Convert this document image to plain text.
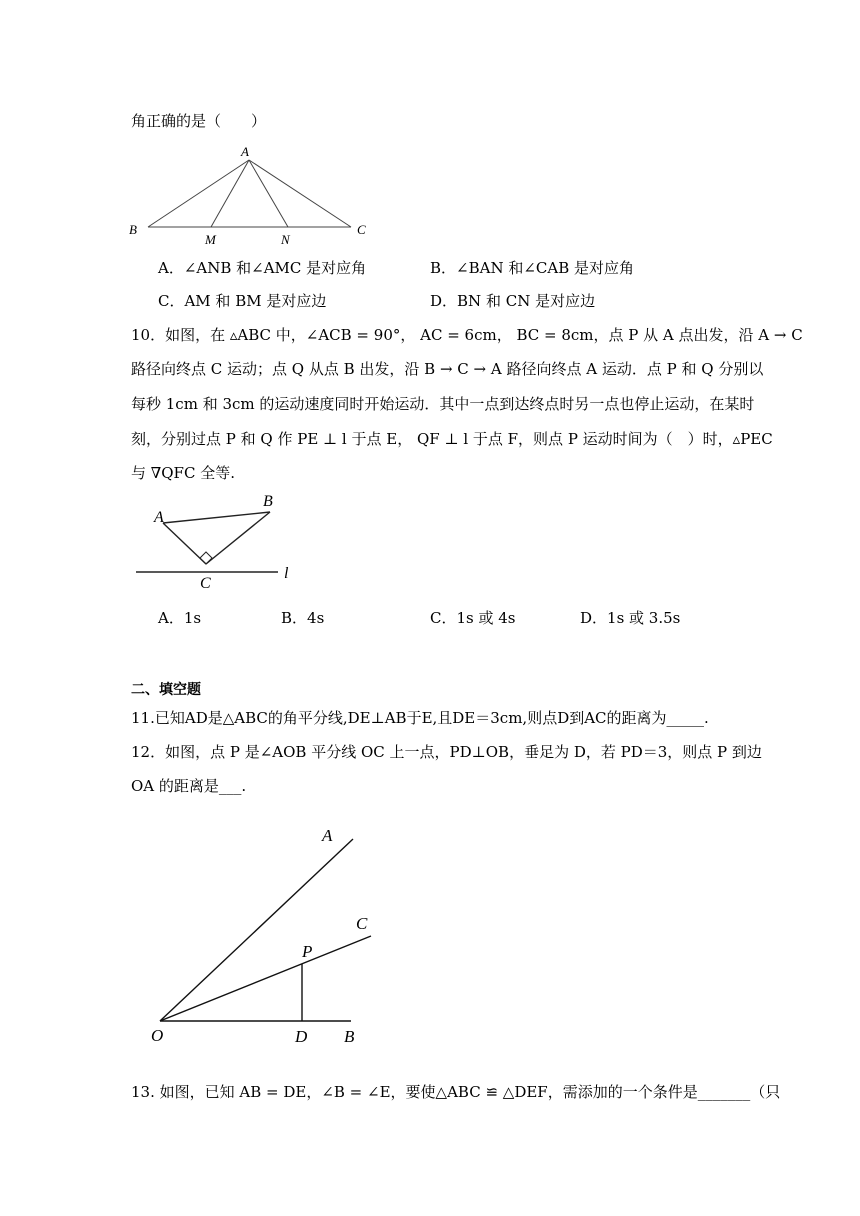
角正确的是（　　）
A
B
M	N
C
A．∠ANB 和∠AMC 是对应角	B．∠BAN 和∠CAB 是对应角
C．AM 和 BM 是对应边	D．BN 和 CN 是对应边
10．如图，在 ▵ABC 中，∠ACB = 90°， AC = 6cm， BC = 8cm，点 P 从 A 点出发，沿 A → C
路径向终点 C 运动；点 Q 从点 B 出发，沿 B → C → A 路径向终点 A 运动．点 P 和 Q 分别以
每秒 1cm 和 3cm 的运动速度同时开始运动．其中一点到达终点时另一点也停止运动，在某时
刻，分别过点 P 和 Q 作 PE ⊥ l 于点 E， QF ⊥ l 于点 F，则点 P 运动时间为（　）时，▵PEC
与 ∇QFC 全等.
A
B
C
l
A．1s	B．4s	C．1s 或 4s	D．1s 或 3.5s
二、填空题
11.已知AD是△ABC的角平分线,DE⊥AB于E,且DE＝3cm,则点D到AC的距离为_____.
12．如图，点 P 是∠AOB 平分线 OC 上一点，PD⊥OB，垂足为 D，若 PD＝3，则点 P 到边
OA 的距离是___.
A
C
P
O	D B
13. 如图，已知 AB = DE，∠B = ∠E，要使△ABC ≌ △DEF，需添加的一个条件是_______（只
